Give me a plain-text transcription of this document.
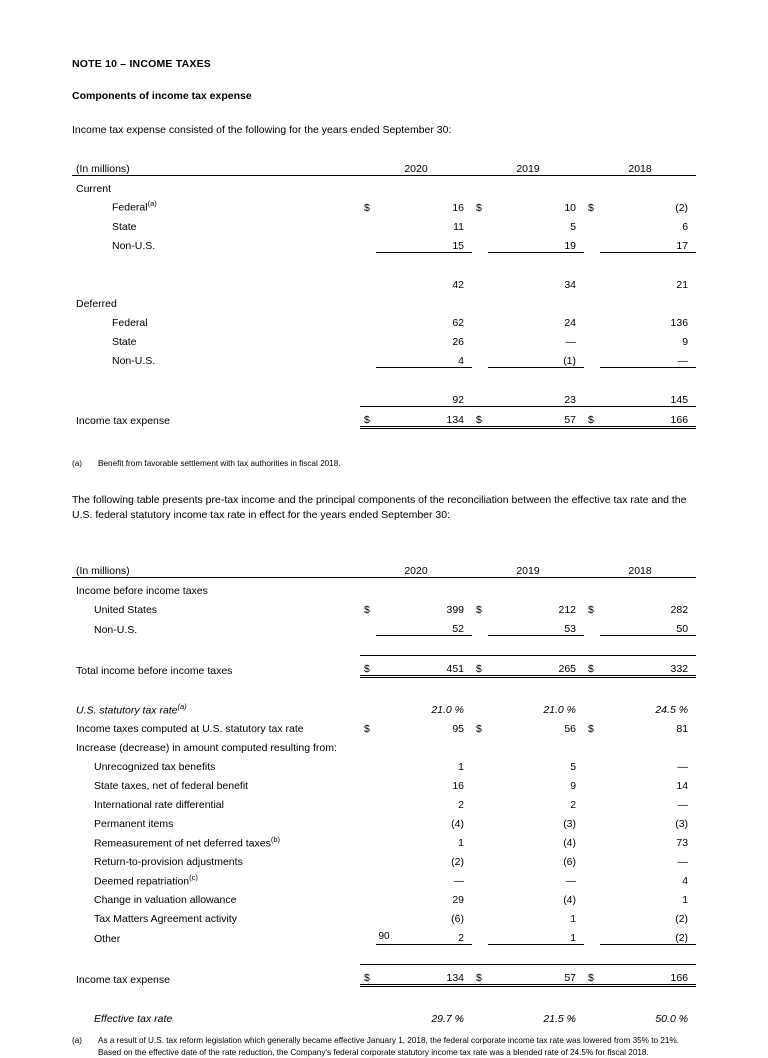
NOTE 10 – INCOME TAXES
Components of income tax expense
Income tax expense consisted of the following for the years ended September 30:
(In millions)	2020		2019		2018	

Current						
Federal$^{(a)}$	$	16	$	10	$	(2)
State		11		5		6
Non-U.S.		15		19		17

		42		34		21
Deferred						
Federal		62		24		136
State		26		—		9
Non-U.S.		4		(1)		—

		92		23		145
Income tax expense	$	134	$	57	$	166

(a)	Benefit from favorable settlement with tax authorities in fiscal 2018.
The following table presents pre-tax income and the principal components of the reconciliation between the effective tax rate and the U.S. federal statutory income tax rate in effect for the years ended September 30:
(In millions)	2020		2019		2018	

Income before income taxes						
United States	$	399	$	212	$	282
Non-U.S.		52		53		50

Total income before income taxes	$	451	$	265	$	332

U.S. statutory tax rate$^{(a)}$		21.0 %		21.0 %		24.5 %
Income taxes computed at U.S. statutory tax rate	$	95	$	56	$	81
Increase (decrease) in amount computed resulting from:						
Unrecognized tax benefits		1		5		—
State taxes, net of federal benefit		16		9		14
International rate differential		2		2		—
Permanent items		(4)		(3)		(3)
Remeasurement of net deferred taxes$^{(b)}$		1		(4)		73
Return-to-provision adjustments		(2)		(6)		—
Deemed repatriation$^{(c)}$		—		—		4
Change in valuation allowance		29		(4)		1
Tax Matters Agreement activity		(6)		1		(2)
Other		2		1		(2)

Income tax expense	$	134	$	57	$	166

Effective tax rate		29.7 %		21.5 %		50.0 %
(a)	As a result of U.S. tax reform legislation which generally became effective January 1, 2018, the federal corporate income tax rate was lowered from 35% to 21%. Based on the effective date of the rate reduction, the Company's federal corporate statutory income tax rate was a blended rate of 24.5% for fiscal 2018.
90
